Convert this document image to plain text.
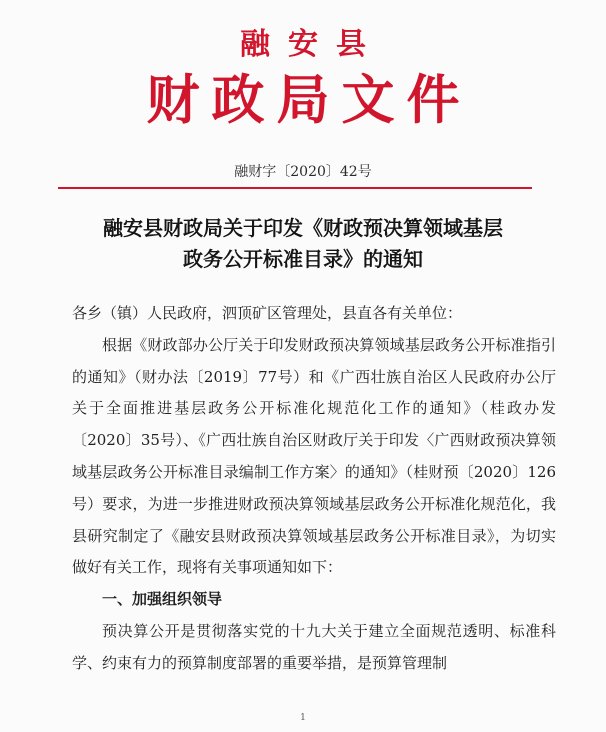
融安县
财政局文件
融财字〔2020〕42号
融安县财政局关于印发《财政预决算领域基层
政务公开标准目录》的通知

各乡（镇）人民政府，泗顶矿区管理处，县直各有关单位：

根据《财政部办公厅关于印发财政预决算领域基层政务公开标准指引的通知》（财办法〔2019〕77号）和《广西壮族自治区人民政府办公厅关于全面推进基层政务公开标准化规范化工作的通知》（桂政办发〔2020〕35号）、《广西壮族自治区财政厅关于印发〈广西财政预决算领域基层政务公开标准目录编制工作方案〉的通知》（桂财预〔2020〕126号）要求，为进一步推进财政预决算领域基层政务公开标准化规范化，我县研究制定了《融安县财政预决算领域基层政务公开标准目录》，为切实做好有关工作，现将有关事项通知如下：

一、加强组织领导

预决算公开是贯彻落实党的十九大关于建立全面规范透明、标准科学、约束有力的预算制度部署的重要举措，是预算管理制

1
